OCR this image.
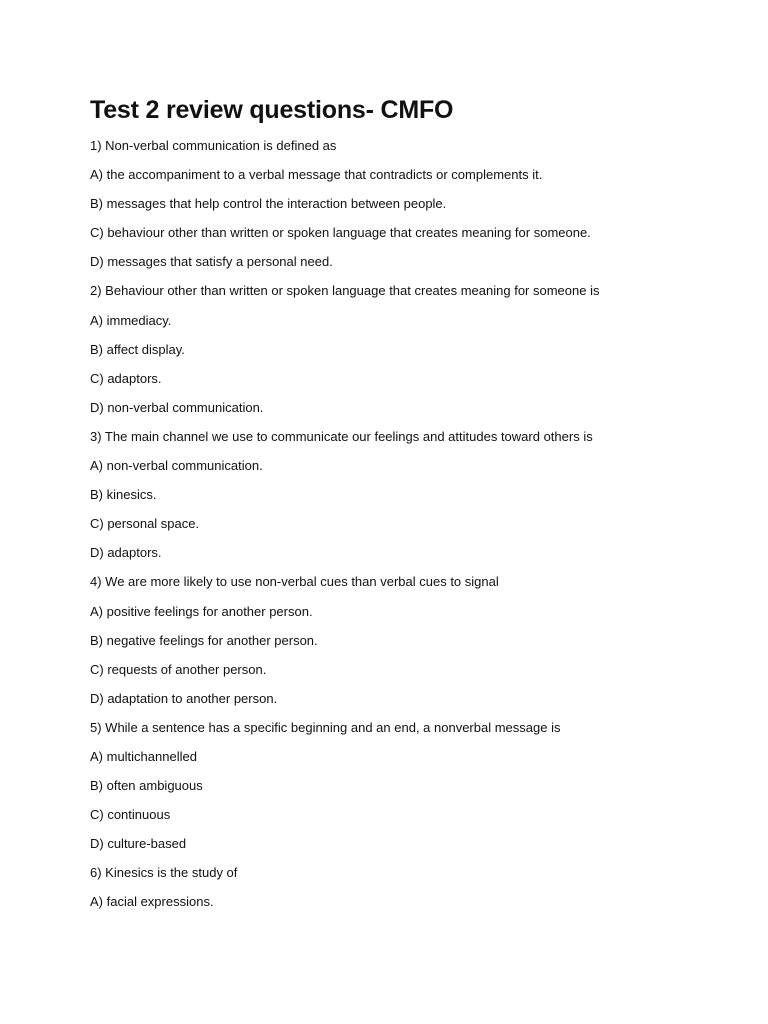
Test 2 review questions- CMFO
1) Non-verbal communication is defined as
A) the accompaniment to a verbal message that contradicts or complements it.
B) messages that help control the interaction between people.
C) behaviour other than written or spoken language that creates meaning for someone.
D) messages that satisfy a personal need.
2) Behaviour other than written or spoken language that creates meaning for someone is
A) immediacy.
B) affect display.
C) adaptors.
D) non-verbal communication.
3) The main channel we use to communicate our feelings and attitudes toward others is
A) non-verbal communication.
B) kinesics.
C) personal space.
D) adaptors.
4) We are more likely to use non-verbal cues than verbal cues to signal
A) positive feelings for another person.
B) negative feelings for another person.
C) requests of another person.
D) adaptation to another person.
5) While a sentence has a specific beginning and an end, a nonverbal message is
A) multichannelled
B) often ambiguous
C) continuous
D) culture-based
6) Kinesics is the study of
A) facial expressions.
